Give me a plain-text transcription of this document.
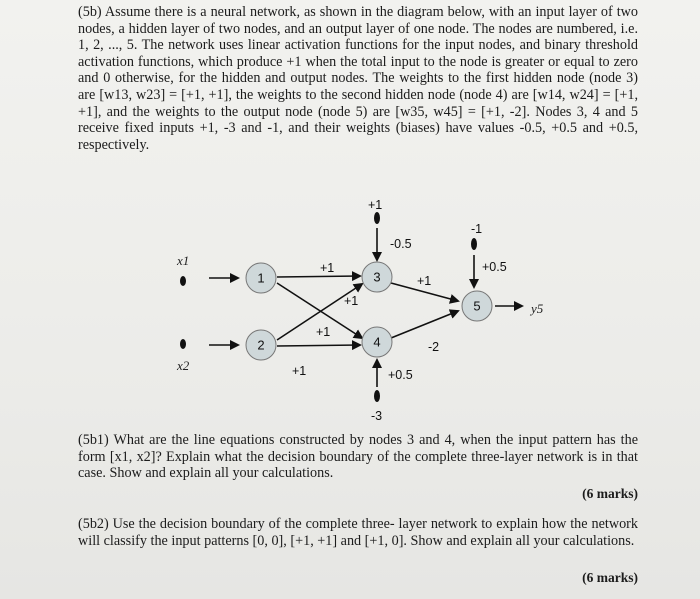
(5b) Assume there is a neural network, as shown in the diagram below, with an input layer of two nodes, a hidden layer of two nodes, and an output layer of one node. The nodes are numbered, i.e. 1, 2, ..., 5. The network uses linear activation functions for the input nodes, and binary threshold activation functions, which produce +1 when the total input to the node is greater or equal to zero and 0 otherwise, for the hidden and output nodes. The weights to the first hidden node (node 3) are [w13, w23] = [+1, +1], the weights to the second hidden node (node 4) are [w14, w24] = [+1, +1], and the weights to the output node (node 5) are [w35, w45] = [+1, -2]. Nodes 3, 4 and 5 receive fixed inputs +1, -3 and -1, and their weights (biases) have values -0.5, +0.5 and +0.5, respectively.

x1
x2
y5
1
2
3
4
5
+1
+1
+1
+1
+1
-2
+1
-0.5
-3
+0.5
-1
+0.5

(5b1) What are the line equations constructed by nodes 3 and 4, when the input pattern has the form [x1, x2]? Explain what the decision boundary of the complete three-layer network is in that case. Show and explain all your calculations.

(6 marks)

(5b2) Use the decision boundary of the complete three- layer network to explain how the network will classify the input patterns [0, 0], [+1, +1] and [+1, 0]. Show and explain all your calculations.

(6 marks)
